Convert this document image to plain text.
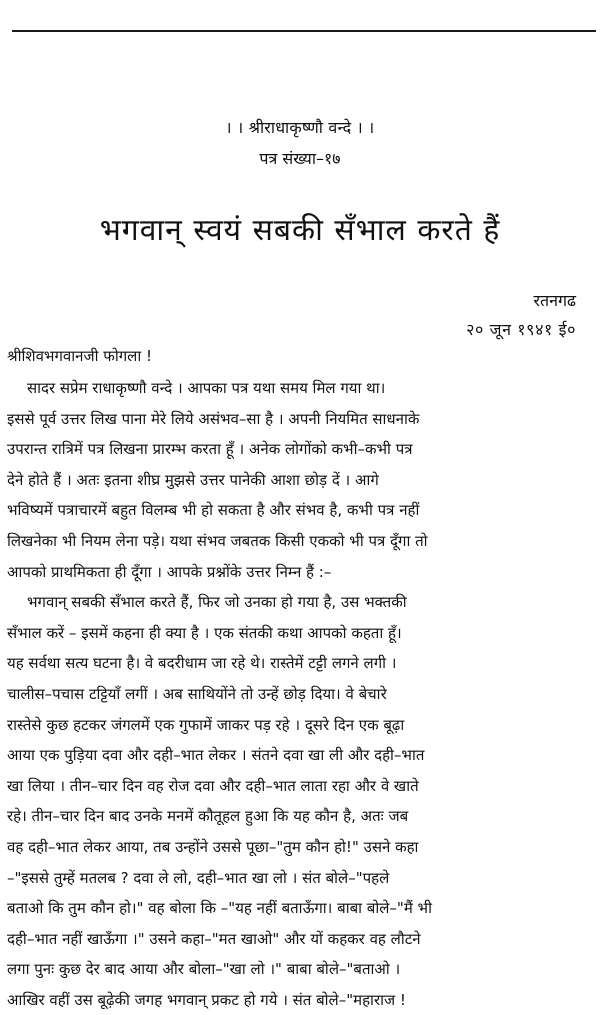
। । श्रीराधाकृष्णौ वन्दे । ।
पत्र संख्या–१७
भगवान् स्वयं सबकी सँभाल करते हैं
रतनगढ
२० जून १९४१ ई०
श्रीशिवभगवानजी फोगला !
सादर सप्रेम राधाकृष्णौ वन्दे । आपका पत्र यथा समय मिल गया था।
इससे पूर्व उत्तर लिख पाना मेरे लिये असंभव–सा है । अपनी नियमित साधनाके
उपरान्त रात्रिमें पत्र लिखना प्रारम्भ करता हूँ । अनेक लोगोंको कभी–कभी पत्र
देने होते हैं । अतः इतना शीघ्र मुझसे उत्तर पानेकी आशा छोड़ दें । आगे
भविष्यमें पत्राचारमें बहुत विलम्ब भी हो सकता है और संभव है, कभी पत्र नहीं
लिखनेका भी नियम लेना पड़े। यथा संभव जबतक किसी एकको भी पत्र दूँगा तो
आपको प्राथमिकता ही दूँगा । आपके प्रश्नोंके उत्तर निम्न हैं :–
भगवान् सबकी सँभाल करते हैं, फिर जो उनका हो गया है, उस भक्तकी
सँभाल करें – इसमें कहना ही क्या है । एक संतकी कथा आपको कहता हूँ।
यह सर्वथा सत्य घटना है। वे बदरीधाम जा रहे थे। रास्तेमें टट्टी लगने लगी ।
चालीस–पचास टट्टियाँ लगीं । अब साथियोंने तो उन्हें छोड़ दिया। वे बेचारे
रास्तेसे कुछ हटकर जंगलमें एक गुफामें जाकर पड़ रहे । दूसरे दिन एक बूढ़ा
आया एक पुड़िया दवा और दही–भात लेकर । संतने दवा खा ली और दही–भात
खा लिया । तीन–चार दिन वह रोज दवा और दही–भात लाता रहा और वे खाते
रहे। तीन–चार दिन बाद उनके मनमें कौतूहल हुआ कि यह कौन है, अतः जब
वह दही–भात लेकर आया, तब उन्होंने उससे पूछा–"तुम कौन हो!" उसने कहा
–"इससे तुम्हें मतलब ? दवा ले लो, दही–भात खा लो । संत बोले–"पहले
बताओ कि तुम कौन हो।" वह बोला कि –"यह नहीं बताऊँगा। बाबा बोले–"मैं भी
दही–भात नहीं खाऊँगा ।" उसने कहा–"मत खाओ" और यों कहकर वह लौटने
लगा पुनः कुछ देर बाद आया और बोला–"खा लो ।" बाबा बोले–"बताओ ।
आखिर वहीं उस बूढ़ेकी जगह भगवान् प्रकट हो गये । संत बोले–"महाराज !
